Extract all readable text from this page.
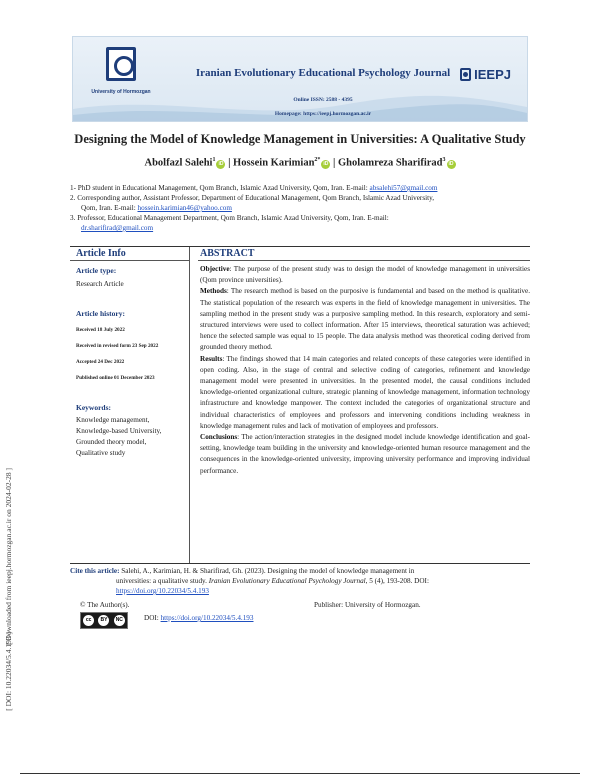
[ Downloaded from ieepj.hormozgan.ac.ir on 2024-02-28 ]
[ DOI: 10.22034/5.4.193 ]
University of Hormozgan
Iranian Evolutionary Educational Psychology Journal
Online ISSN: 2588 - 4395
Homepage: https://ieepj.hormozgan.ac.ir
IEEPJ
Designing the Model of Knowledge Management in Universities: A Qualitative Study
Abolfazl Salehi$^1$iD | Hossein Karimian$^{2*}$iD | Gholamreza Sharifirad$^3$iD
1- PhD student in Educational Management, Qom Branch, Islamic Azad University, Qom, Iran. E-mail: absalehi57@gmail.com
2. Corresponding author, Assistant Professor, Department of Educational Management, Qom Branch, Islamic Azad University,
Qom, Iran. E-mail: hossein.karimian46@yahoo.com
3. Professor, Educational Management Department, Qom Branch, Islamic Azad University, Qom, Iran. E-mail:
dr.sharifirad@gmail.com
Article Info
Article type:
Research Article
Article history:
Received 18 July 2022
Received in revised form 23 Sep 2022
Accepted 24 Dec 2022
Published online 01 December 2023
Keywords:
Knowledge management,
Knowledge-based University,
Grounded theory model,
Qualitative study
ABSTRACT
Objective: The purpose of the present study was to design the model of knowledge management in universities (Qom province universities).
Methods: The research method is based on the purposive is fundamental and based on the method is qualitative. The statistical population of the research was experts in the field of knowledge management in universities. The sampling method in the present study was a purposive sampling method. In this research, exploratory and semi-structured interviews were used to collect information. After 15 interviews, theoretical saturation was achieved; hence the selected sample was equal to 15 people. The data analysis method was theoretical coding derived from grounded theory method.
Results: The findings showed that 14 main categories and related concepts of these categories were identified in open coding. Also, in the stage of central and selective coding of categories, refinement and knowledge management model were presented in universities. In the presented model, the causal conditions included knowledge-oriented organizational culture, strategic planning of knowledge management, information technology infrastructure and knowledge manpower. The context included the categories of organizational structure and individual characteristics of employees and professors and intervening conditions including weakness in knowledge management rules and lack of motivation of employees and professors.
Conclusions: The action/interaction strategies in the designed model include knowledge identification and goal-setting, knowledge team building in the university and knowledge-oriented human resource management and the consequences in the knowledge-oriented university, improving university performance and improving individual performance.
Cite this article: Salehi, A., Karimian, H. & Sharifirad, Gh. (2023). Designing the model of knowledge management in
universities: a qualitative study. Iranian Evolutionary Educational Psychology Journal, 5 (4), 193-208. DOI:
https://doi.org/10.22034/5.4.193
© The Author(s).	Publisher: University of Hormozgan.
cc	BY	NC	DOI: https://doi.org/10.22034/5.4.193
